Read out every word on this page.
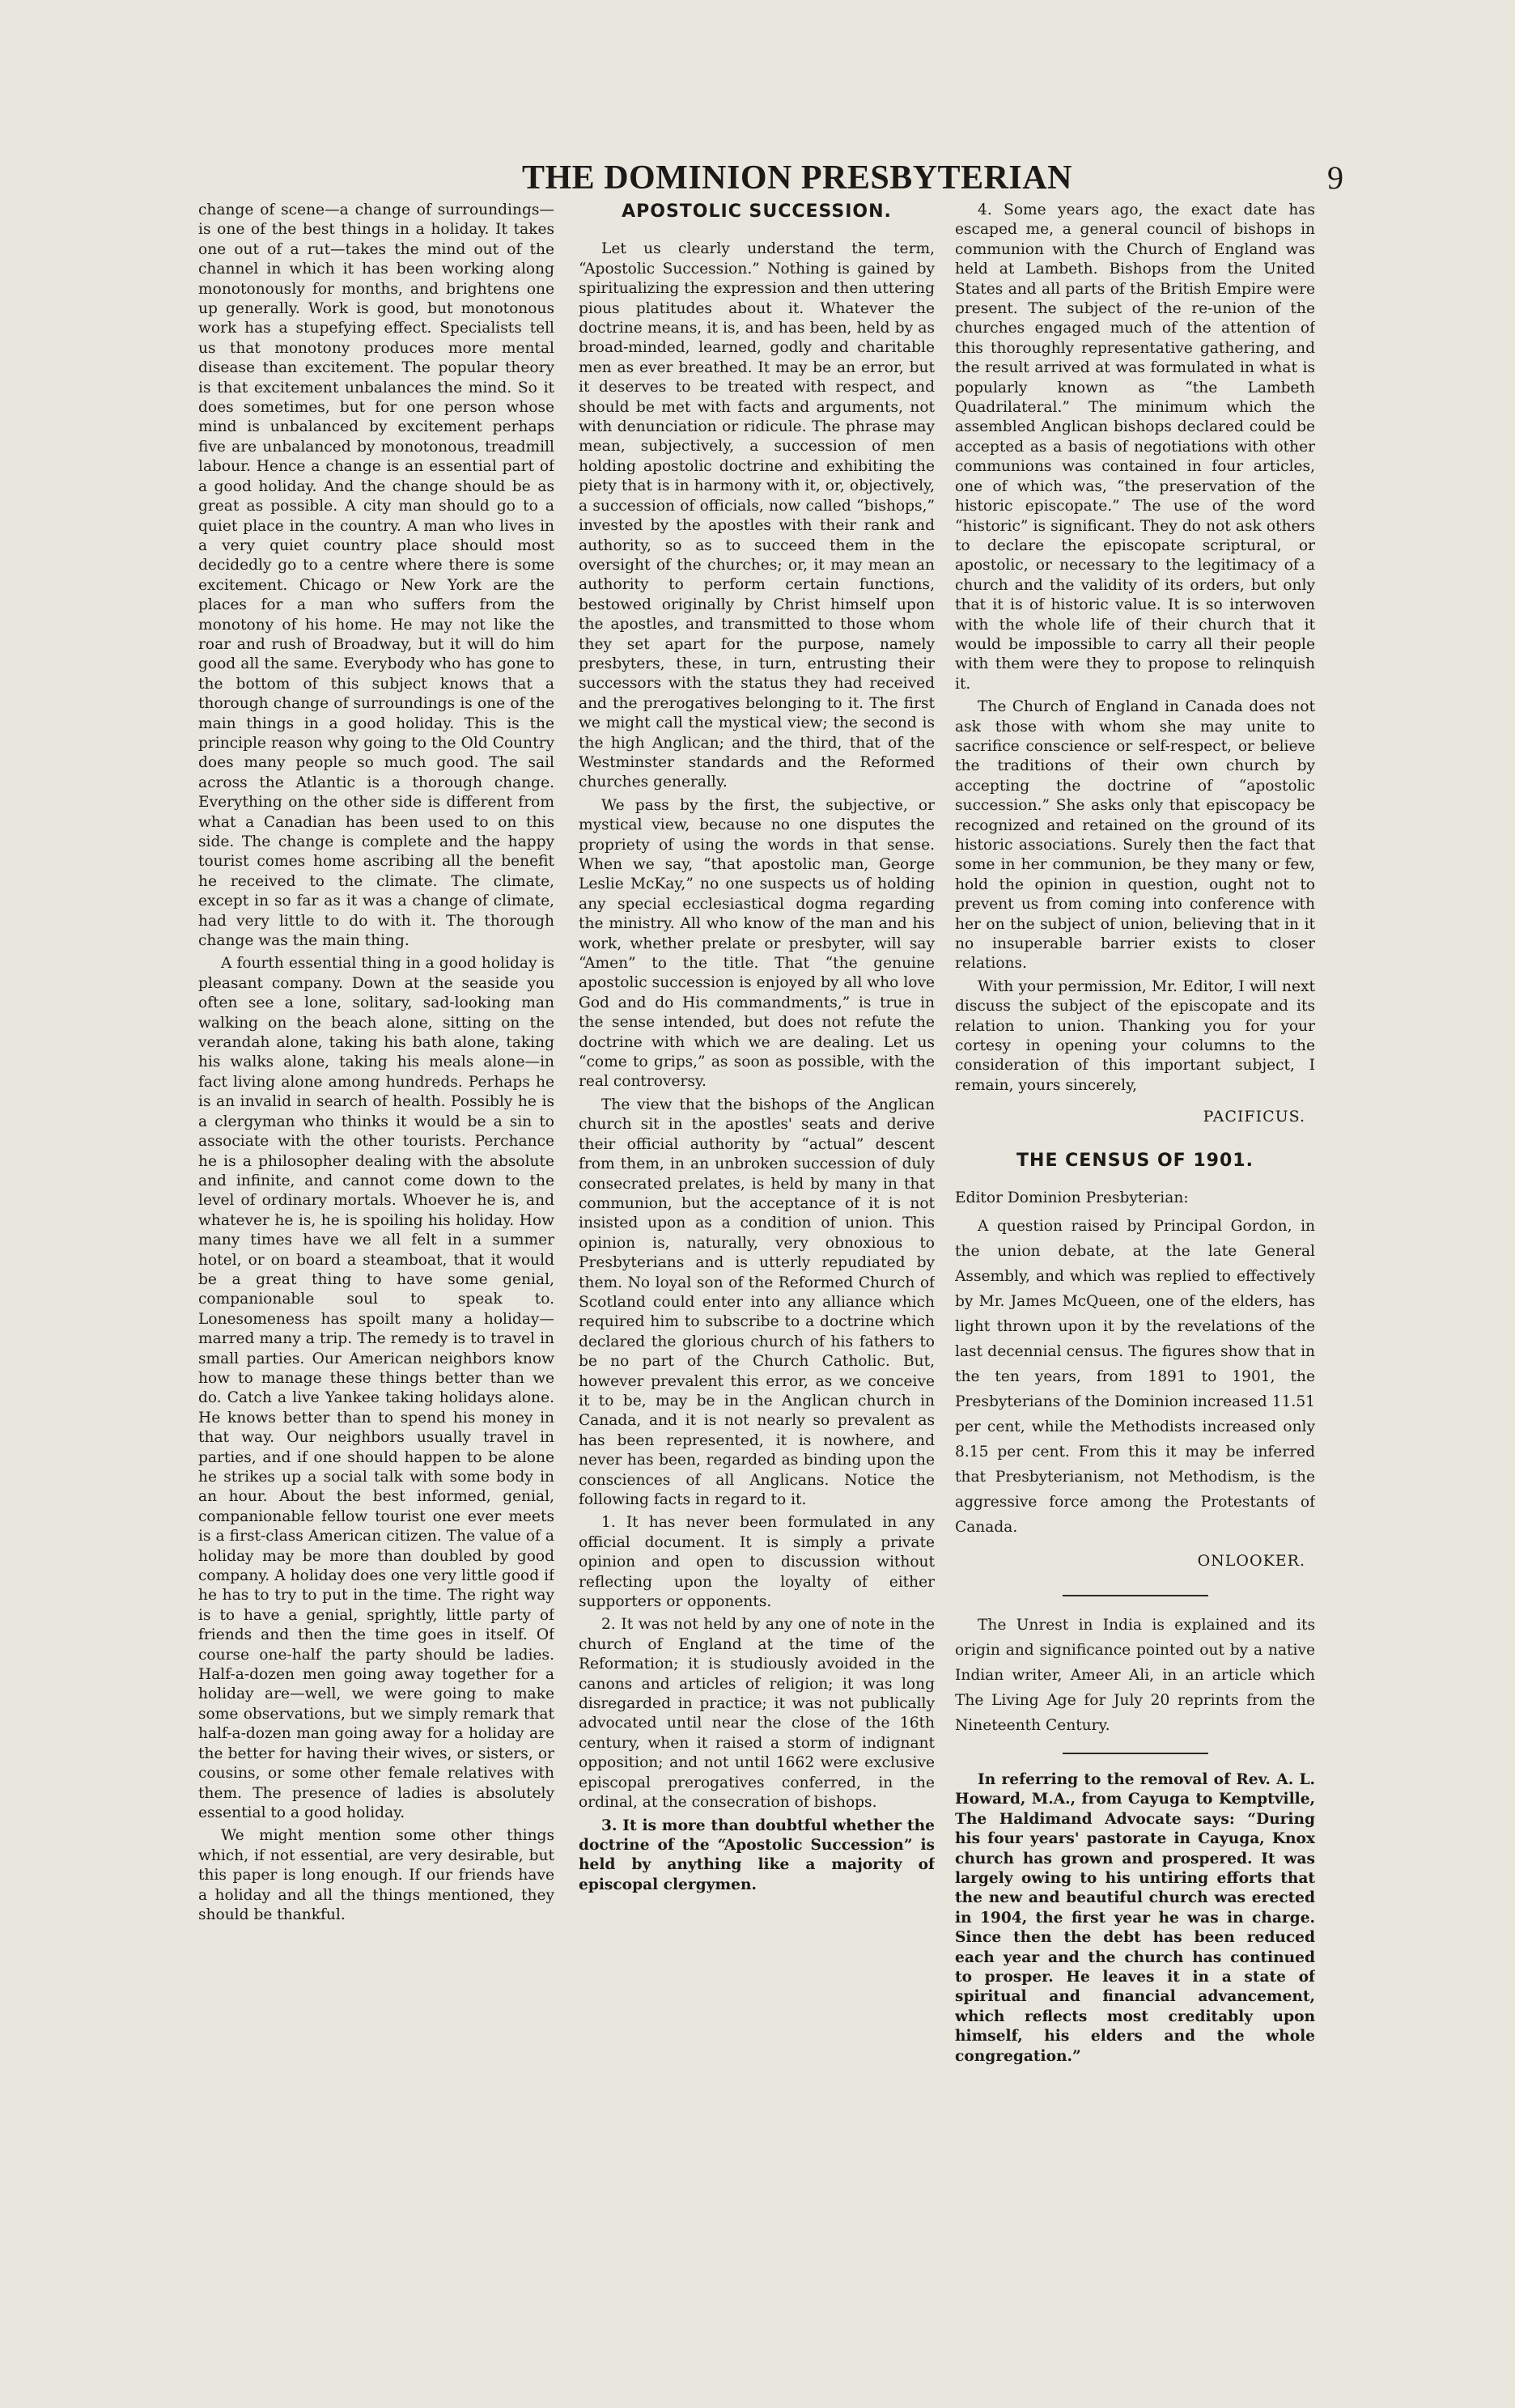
THE DOMINION PRESBYTERIAN	9

change of scene—a change of surroundings—is one of the best things in a holiday. It takes one out of a rut—takes the mind out of the channel in which it has been working along monotonously for months, and brightens one up generally. Work is good, but monotonous work has a stupefying effect. Specialists tell us that monotony produces more mental disease than excitement. The popular theory is that excitement unbalances the mind. So it does sometimes, but for one person whose mind is unbalanced by excitement perhaps five are unbalanced by monotonous, treadmill labour. Hence a change is an essential part of a good holiday. And the change should be as great as possible. A city man should go to a quiet place in the country. A man who lives in a very quiet country place should most decidedly go to a centre where there is some excitement. Chicago or New York are the places for a man who suffers from the monotony of his home. He may not like the roar and rush of Broadway, but it will do him good all the same. Everybody who has gone to the bottom of this subject knows that a thorough change of surroundings is one of the main things in a good holiday. This is the principle reason why going to the Old Country does many people so much good. The sail across the Atlantic is a thorough change. Everything on the other side is different from what a Canadian has been used to on this side. The change is complete and the happy tourist comes home ascribing all the benefit he received to the climate. The climate, except in so far as it was a change of climate, had very little to do with it. The thorough change was the main thing.

A fourth essential thing in a good holiday is pleasant company. Down at the seaside you often see a lone, solitary, sad-looking man walking on the beach alone, sitting on the verandah alone, taking his bath alone, taking his walks alone, taking his meals alone—in fact living alone among hundreds. Perhaps he is an invalid in search of health. Possibly he is a clergyman who thinks it would be a sin to associate with the other tourists. Perchance he is a philosopher dealing with the absolute and infinite, and cannot come down to the level of ordinary mortals. Whoever he is, and whatever he is, he is spoiling his holiday. How many times have we all felt in a summer hotel, or on board a steamboat, that it would be a great thing to have some genial, companionable soul to speak to. Lonesomeness has spoilt many a holiday—marred many a trip. The remedy is to travel in small parties. Our American neighbors know how to manage these things better than we do. Catch a live Yankee taking holidays alone. He knows better than to spend his money in that way. Our neighbors usually travel in parties, and if one should happen to be alone he strikes up a social talk with some body in an hour. About the best informed, genial, companionable fellow tourist one ever meets is a first-class American citizen. The value of a holiday may be more than doubled by good company. A holiday does one very little good if he has to try to put in the time. The right way is to have a genial, sprightly, little party of friends and then the time goes in itself. Of course one-half the party should be ladies. Half-a-dozen men going away together for a holiday are—well, we were going to make some observations, but we simply remark that half-a-dozen man going away for a holiday are the better for having their wives, or sisters, or cousins, or some other female relatives with them. The presence of ladies is absolutely essential to a good holiday.

We might mention some other things which, if not essential, are very desirable, but this paper is long enough. If our friends have a holiday and all the things mentioned, they should be thankful.

APOSTOLIC SUCCESSION.

Let us clearly understand the term, “Apostolic Succession.” Nothing is gained by spiritualizing the expression and then uttering pious platitudes about it. Whatever the doctrine means, it is, and has been, held by as broad-minded, learned, godly and charitable men as ever breathed. It may be an error, but it deserves to be treated with respect, and should be met with facts and arguments, not with denunciation or ridicule. The phrase may mean, subjectively, a succession of men holding apostolic doctrine and exhibiting the piety that is in harmony with it, or, objectively, a succession of officials, now called “bishops,” invested by the apostles with their rank and authority, so as to succeed them in the oversight of the churches; or, it may mean an authority to perform certain functions, bestowed originally by Christ himself upon the apostles, and transmitted to those whom they set apart for the purpose, namely presbyters, these, in turn, entrusting their successors with the status they had received and the prerogatives belonging to it. The first we might call the mystical view; the second is the high Anglican; and the third, that of the Westminster standards and the Reformed churches generally.

We pass by the first, the subjective, or mystical view, because no one disputes the propriety of using the words in that sense. When we say, “that apostolic man, George Leslie McKay,” no one suspects us of holding any special ecclesiastical dogma regarding the ministry. All who know of the man and his work, whether prelate or presbyter, will say “Amen” to the title. That “the genuine apostolic succession is enjoyed by all who love God and do His commandments,” is true in the sense intended, but does not refute the doctrine with which we are dealing. Let us “come to grips,” as soon as possible, with the real controversy.

The view that the bishops of the Anglican church sit in the apostles' seats and derive their official authority by “actual” descent from them, in an unbroken succession of duly consecrated prelates, is held by many in that communion, but the acceptance of it is not insisted upon as a condition of union. This opinion is, naturally, very obnoxious to Presbyterians and is utterly repudiated by them. No loyal son of the Reformed Church of Scotland could enter into any alliance which required him to subscribe to a doctrine which declared the glorious church of his fathers to be no part of the Church Catholic. But, however prevalent this error, as we conceive it to be, may be in the Anglican church in Canada, and it is not nearly so prevalent as has been represented, it is nowhere, and never has been, regarded as binding upon the consciences of all Anglicans. Notice the following facts in regard to it.

1. It has never been formulated in any official document. It is simply a private opinion and open to discussion without reflecting upon the loyalty of either supporters or opponents.

2. It was not held by any one of note in the church of England at the time of the Reformation; it is studiously avoided in the canons and articles of religion; it was long disregarded in practice; it was not publically advocated until near the close of the 16th century, when it raised a storm of indignant opposition; and not until 1662 were exclusive episcopal prerogatives conferred, in the ordinal, at the consecration of bishops.

3. It is more than doubtful whether the doctrine of the “Apostolic Succession” is held by anything like a majority of episcopal clergymen.

4. Some years ago, the exact date has escaped me, a general council of bishops in communion with the Church of England was held at Lambeth. Bishops from the United States and all parts of the British Empire were present. The subject of the re-union of the churches engaged much of the attention of this thoroughly representative gathering, and the result arrived at was formulated in what is popularly known as “the Lambeth Quadrilateral.” The minimum which the assembled Anglican bishops declared could be accepted as a basis of negotiations with other communions was contained in four articles, one of which was, “the preservation of the historic episcopate.” The use of the word “historic” is significant. They do not ask others to declare the episcopate scriptural, or apostolic, or necessary to the legitimacy of a church and the validity of its orders, but only that it is of historic value. It is so interwoven with the whole life of their church that it would be impossible to carry all their people with them were they to propose to relinquish it.

The Church of England in Canada does not ask those with whom she may unite to sacrifice conscience or self-respect, or believe the traditions of their own church by accepting the doctrine of “apostolic succession.” She asks only that episcopacy be recognized and retained on the ground of its historic associations. Surely then the fact that some in her communion, be they many or few, hold the opinion in question, ought not to prevent us from coming into conference with her on the subject of union, believing that in it no insuperable barrier exists to closer relations.

With your permission, Mr. Editor, I will next discuss the subject of the episcopate and its relation to union. Thanking you for your cortesy in opening your columns to the consideration of this important subject, I remain, yours sincerely,

PACIFICUS.
THE CENSUS OF 1901.
Editor Dominion Presbyterian:

A question raised by Principal Gordon, in the union debate, at the late General Assembly, and which was replied to effectively by Mr. James McQueen, one of the elders, has light thrown upon it by the revelations of the last decennial census. The figures show that in the ten years, from 1891 to 1901, the Presbyterians of the Dominion increased 11.51 per cent, while the Methodists increased only 8.15 per cent. From this it may be inferred that Presbyterianism, not Methodism, is the aggressive force among the Protestants of Canada.

ONLOOKER.

The Unrest in India is explained and its origin and significance pointed out by a native Indian writer, Ameer Ali, in an article which The Living Age for July 20 reprints from the Nineteenth Century.

In referring to the removal of Rev. A. L. Howard, M.A., from Cayuga to Kemptville, The Haldimand Advocate says: “During his four years' pastorate in Cayuga, Knox church has grown and prospered. It was largely owing to his untiring efforts that the new and beautiful church was erected in 1904, the first year he was in charge. Since then the debt has been reduced each year and the church has continued to prosper. He leaves it in a state of spiritual and financial advancement, which reflects most creditably upon himself, his elders and the whole congregation.”
